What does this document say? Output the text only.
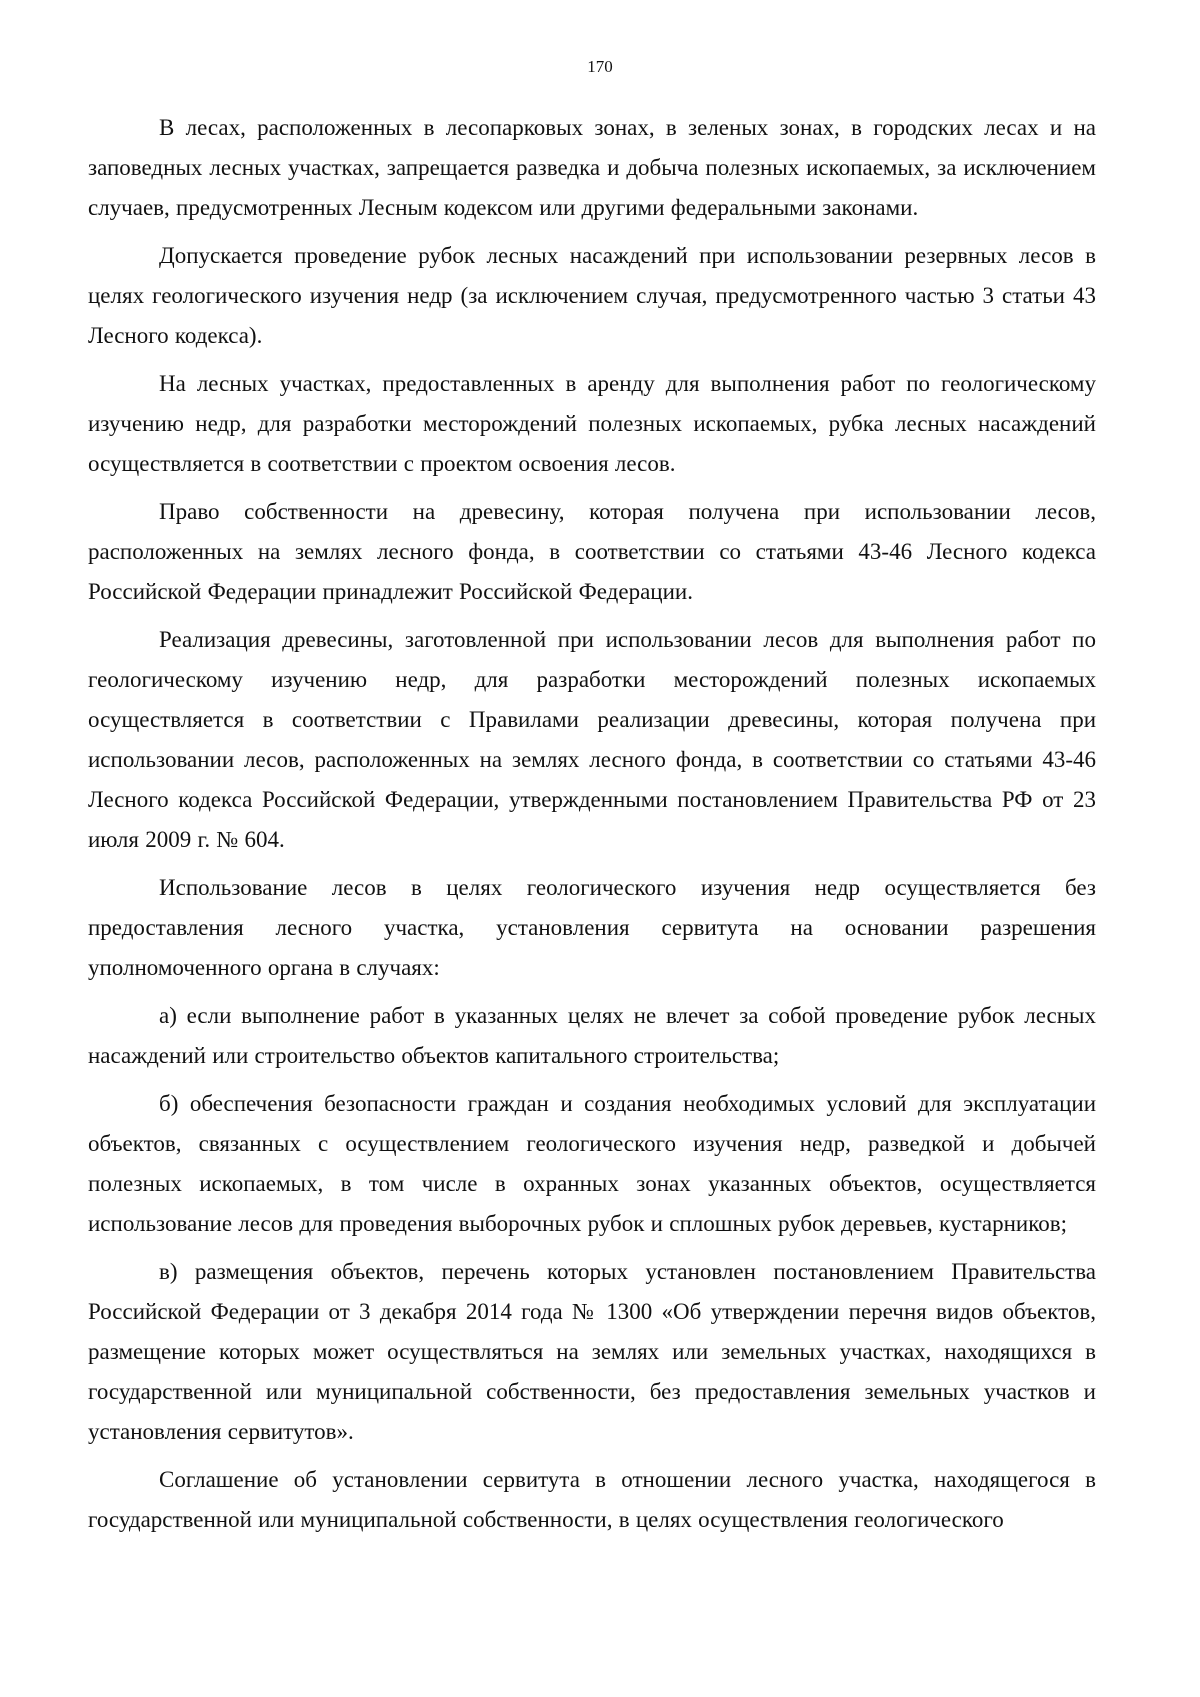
170

В лесах, расположенных в лесопарковых зонах, в зеленых зонах, в городских лесах и на заповедных лесных участках, запрещается разведка и добыча полезных ископаемых, за исключением случаев, предусмотренных Лесным кодексом или другими федеральными законами.

Допускается проведение рубок лесных насаждений при использовании резервных лесов в целях геологического изучения недр (за исключением случая, предусмотренного частью 3 статьи 43 Лесного кодекса).

На лесных участках, предоставленных в аренду для выполнения работ по геологическому изучению недр, для разработки месторождений полезных ископаемых, рубка лесных насаждений осуществляется в соответствии с проектом освоения лесов.

Право собственности на древесину, которая получена при использовании лесов, расположенных на землях лесного фонда, в соответствии со статьями 43-46 Лесного кодекса Российской Федерации принадлежит Российской Федерации.

Реализация древесины, заготовленной при использовании лесов для выполнения работ по геологическому изучению недр, для разработки месторождений полезных ископаемых осуществляется в соответствии с Правилами реализации древесины, которая получена при использовании лесов, расположенных на землях лесного фонда, в соответствии со статьями 43-46 Лесного кодекса Российской Федерации, утвержденными постановлением Правительства РФ от 23 июля 2009 г. № 604.

Использование лесов в целях геологического изучения недр осуществляется без предоставления лесного участка, установления сервитута на основании разрешения уполномоченного органа в случаях:

а) если выполнение работ в указанных целях не влечет за собой проведение рубок лесных насаждений или строительство объектов капитального строительства;

б) обеспечения безопасности граждан и создания необходимых условий для эксплуатации объектов, связанных с осуществлением геологического изучения недр, разведкой и добычей полезных ископаемых, в том числе в охранных зонах указанных объектов, осуществляется использование лесов для проведения выборочных рубок и сплошных рубок деревьев, кустарников;

в) размещения объектов, перечень которых установлен постановлением Правительства Российской Федерации от 3 декабря 2014 года № 1300 «Об утверждении перечня видов объектов, размещение которых может осуществляться на землях или земельных участках, находящихся в государственной или муниципальной собственности, без предоставления земельных участков и установления сервитутов».

Соглашение об установлении сервитута в отношении лесного участка, находящегося в государственной или муниципальной собственности, в целях осуществления геологического
